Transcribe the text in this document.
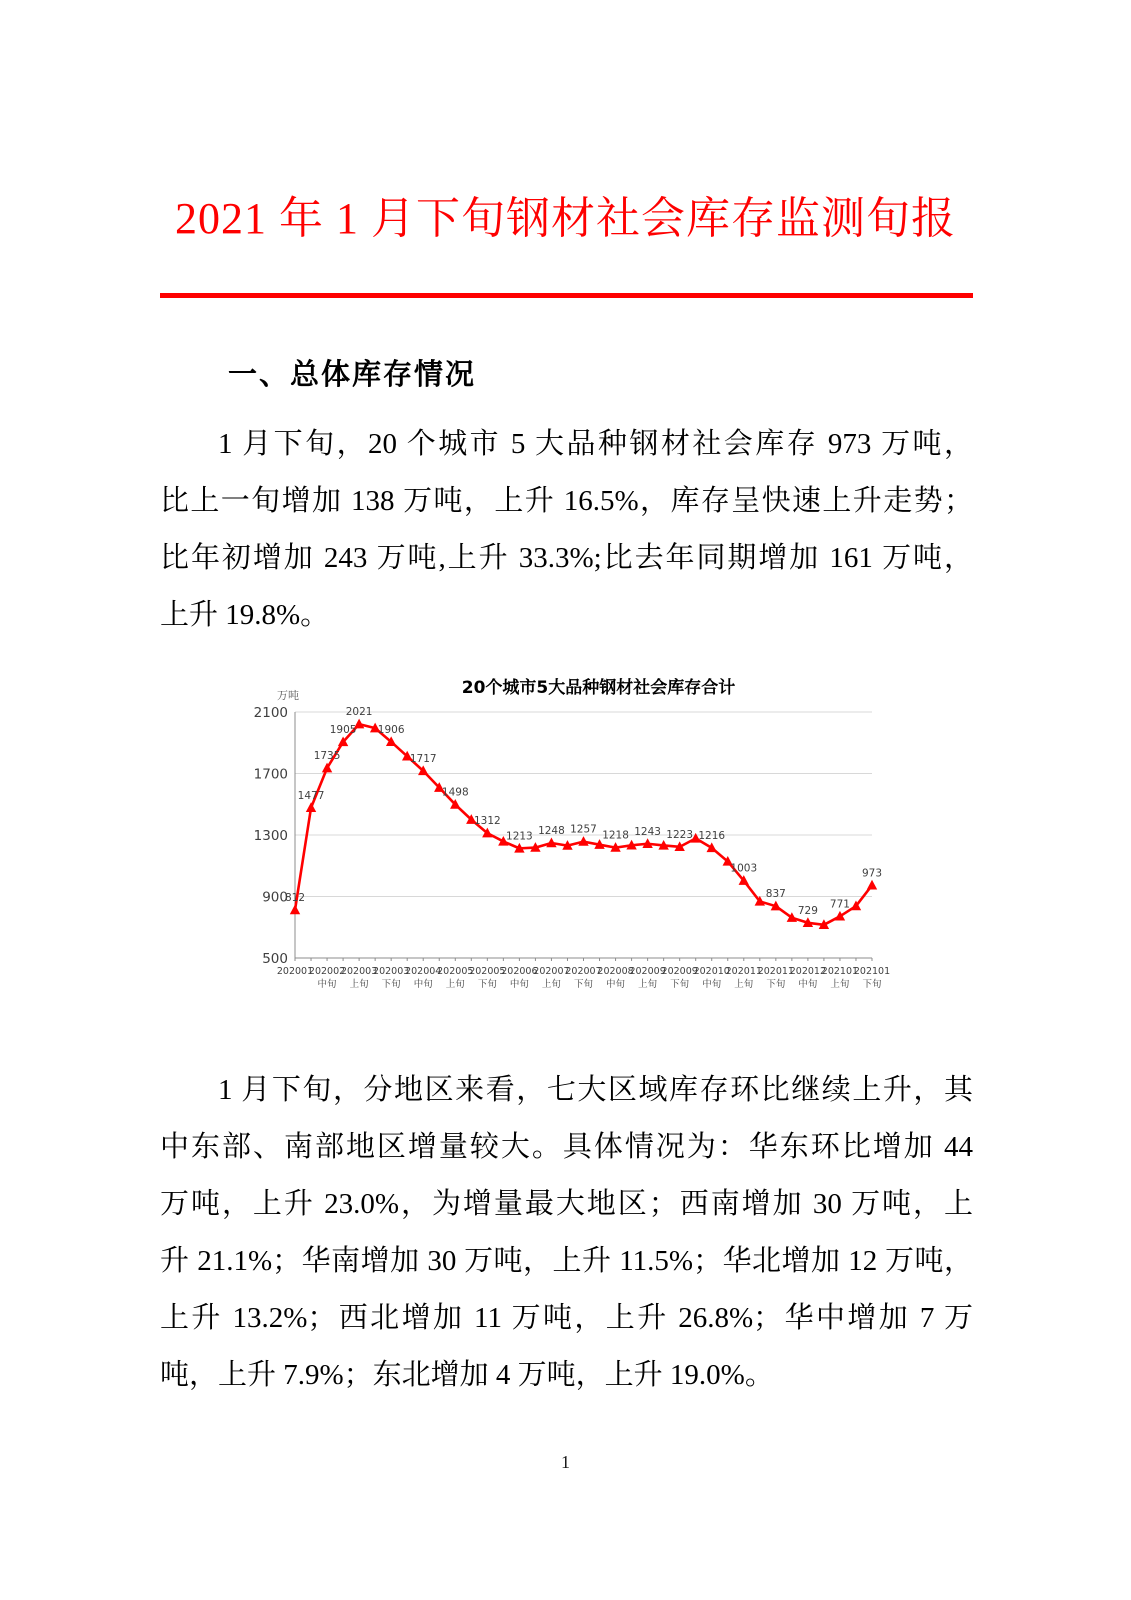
2021 年 1 月下旬钢材社会库存监测旬报
一、总体库存情况
1 月下旬，20 个城市 5 大品种钢材社会库存 973 万吨，
比上一旬增加 138 万吨，上升 16.5%，库存呈快速上升走势；
比年初增加 243 万吨,上升 33.3%;比去年同期增加 161 万吨，
上升 19.8%。
2100
1700
1300
900
500
202001
202002
中旬
202003
上旬
202003
下旬
202004
中旬
202005
上旬
202005
下旬
202006
中旬
202007
上旬
202007
下旬
202008
中旬
202009
上旬
202009
下旬
202010
中旬
202011
上旬
202011
下旬
202012
中旬
202101
上旬
202101
下旬
812
1477
1735
1905
2021
1906
1717
1498
1312
1213 1248 1257 1218 1243 1223 1216
1003
837
729
771
973
20个城市5大品种钢材社会库存合计
万吨
1 月下旬，分地区来看，七大区域库存环比继续上升，其
中东部、南部地区增量较大。具体情况为：华东环比增加 44
万吨，上升 23.0%，为增量最大地区；西南增加 30 万吨，上
升 21.1%；华南增加 30 万吨，上升 11.5%；华北增加 12 万吨，
上升 13.2%；西北增加 11 万吨，上升 26.8%；华中增加 7 万
吨，上升 7.9%；东北增加 4 万吨，上升 19.0%。
1
